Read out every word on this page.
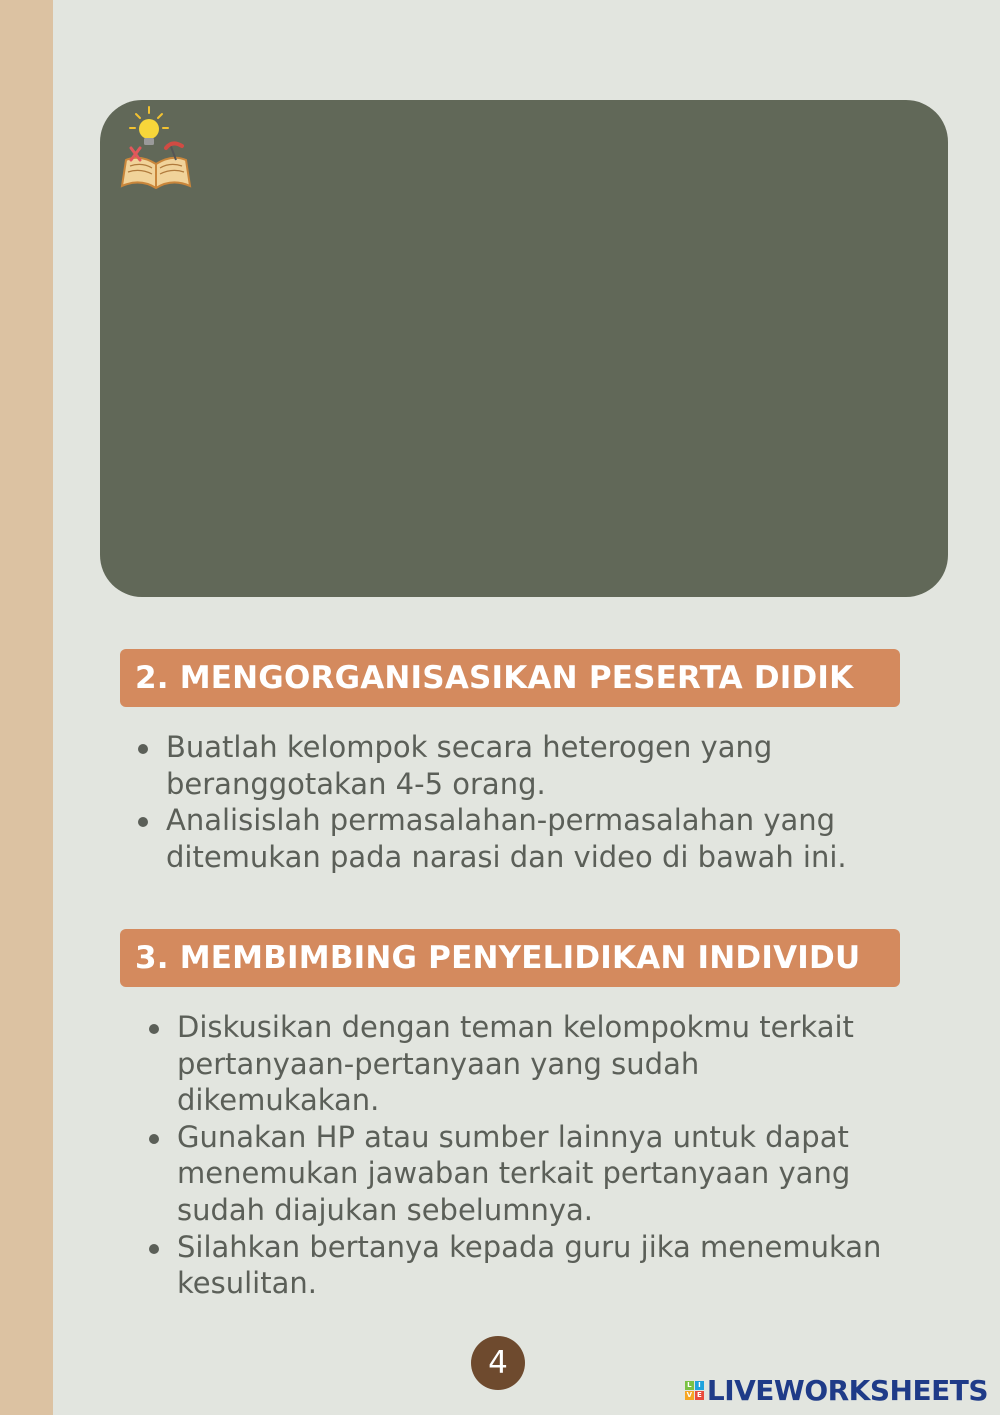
2. MENGORGANISASIKAN PESERTA DIDIK
Buatlah kelompok secara heterogen yang beranggotakan 4-5 orang.
Analisislah permasalahan-permasalahan yang ditemukan pada narasi dan video di bawah ini.
3. MEMBIMBING PENYELIDIKAN INDIVIDU
Diskusikan dengan teman kelompokmu terkait pertanyaan-pertanyaan yang sudah dikemukakan.
Gunakan HP atau sumber lainnya untuk dapat menemukan jawaban terkait pertanyaan yang sudah diajukan sebelumnya.
Silahkan bertanya kepada guru jika menemukan kesulitan.
4
L I
V E LIVEWORKSHEETS
